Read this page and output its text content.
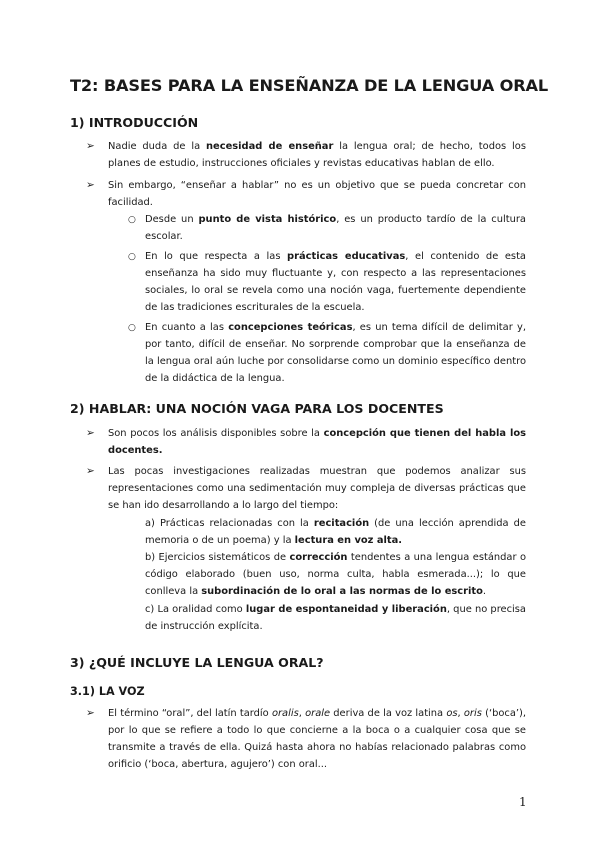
T2: BASES PARA LA ENSEÑANZA DE LA LENGUA ORAL
1) INTRODUCCIÓN
➢ Nadie duda de la necesidad de enseñar la lengua oral; de hecho, todos los planes de estudio, instrucciones oficiales y revistas educativas hablan de ello.

➢ Sin embargo, “enseñar a hablar” no es un objetivo que se pueda concretar con facilidad.

○ Desde un punto de vista histórico, es un producto tardío de la cultura escolar.

○ En lo que respecta a las prácticas educativas, el contenido de esta enseñanza ha sido muy fluctuante y, con respecto a las representaciones sociales, lo oral se revela como una noción vaga, fuertemente dependiente de las tradiciones escriturales de la escuela.

○ En cuanto a las concepciones teóricas, es un tema difícil de delimitar y, por tanto, difícil de enseñar. No sorprende comprobar que la enseñanza de la lengua oral aún luche por consolidarse como un dominio específico dentro de la didáctica de la lengua.

2) HABLAR: UNA NOCIÓN VAGA PARA LOS DOCENTES
➢ Son pocos los análisis disponibles sobre la concepción que tienen del habla los docentes.

➢ Las pocas investigaciones realizadas muestran que podemos analizar sus representaciones como una sedimentación muy compleja de diversas prácticas que se han ido desarrollando a lo largo del tiempo:

a) Prácticas relacionadas con la recitación (de una lección aprendida de memoria o de un poema) y la lectura en voz alta.

b) Ejercicios sistemáticos de corrección tendentes a una lengua estándar o código elaborado (buen uso, norma culta, habla esmerada...); lo que conlleva la subordinación de lo oral a las normas de lo escrito.

c) La oralidad como lugar de espontaneidad y liberación, que no precisa de instrucción explícita.

3) ¿QUÉ INCLUYE LA LENGUA ORAL?
3.1) LA VOZ
➢ El término “oral”, del latín tardío oralis, orale deriva de la voz latina os, oris (‘boca’), por lo que se refiere a todo lo que concierne a la boca o a cualquier cosa que se transmite a través de ella. Quizá hasta ahora no habías relacionado palabras como orificio (‘boca, abertura, agujero’) con oral...

1
